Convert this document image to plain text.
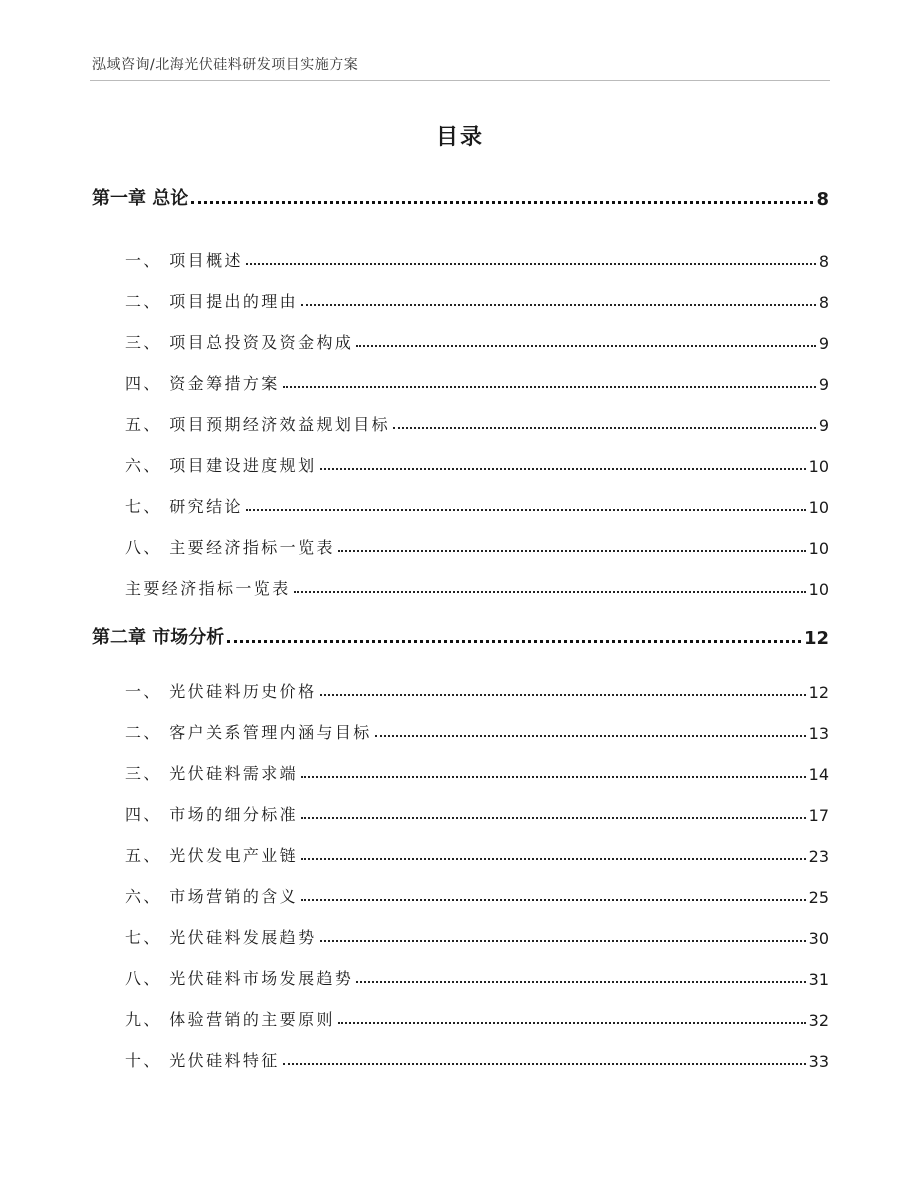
泓域咨询/北海光伏硅料研发项目实施方案
目录
第一章 总论	8
一、 项目概述	8
二、 项目提出的理由	8
三、 项目总投资及资金构成	9
四、 资金筹措方案	9
五、 项目预期经济效益规划目标	9
六、 项目建设进度规划	10
七、 研究结论	10
八、 主要经济指标一览表	10
主要经济指标一览表	10
第二章 市场分析	12
一、 光伏硅料历史价格	12
二、 客户关系管理内涵与目标	13
三、 光伏硅料需求端	14
四、 市场的细分标准	17
五、 光伏发电产业链	23
六、 市场营销的含义	25
七、 光伏硅料发展趋势	30
八、 光伏硅料市场发展趋势	31
九、 体验营销的主要原则	32
十、 光伏硅料特征	33
